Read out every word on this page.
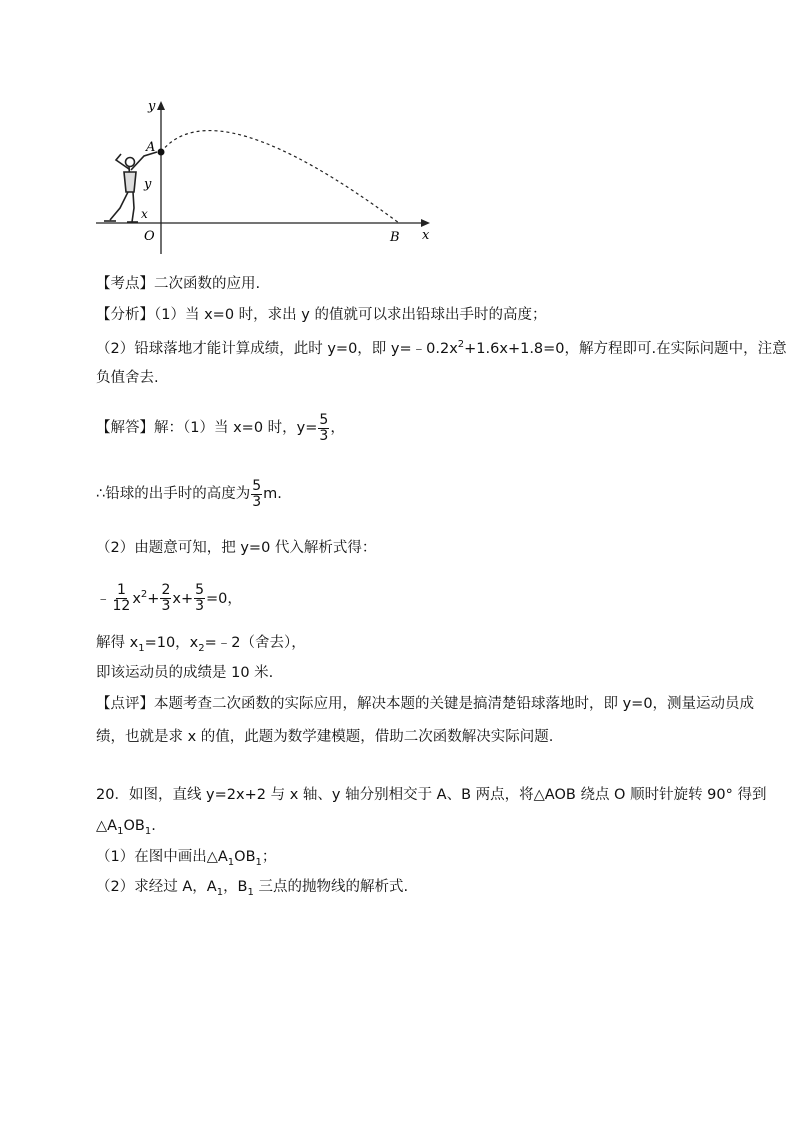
y
A
y
x
O	B x
【考点】二次函数的应用.
【分析】（1）当 x=0 时，求出 y 的值就可以求出铅球出手时的高度；
（2）铅球落地才能计算成绩，此时 y=0，即 $y=﹣0.2x^2+1.6x+1.8=0$，解方程即可.在实际问题中，注意
负值舍去.
【解答】解：（1）当 x=0 时，$y= \frac{5}{3}$ ，
∴铅球的出手时的高度为 $\frac{5}{3} m$.
（2）由题意可知，把 y=0 代入解析式得：
﹣ $\frac{1}{12} x^2+ \frac{2}{3} x+ \frac{5}{3} =0$，
解得 $x_1=10$，$x_2=﹣2$（舍去），
即该运动员的成绩是 10 米.
【点评】本题考查二次函数的实际应用，解决本题的关键是搞清楚铅球落地时，即 y=0，测量运动员成
绩，也就是求 x 的值，此题为数学建模题，借助二次函数解决实际问题.
20．如图，直线 y=2x+2 与 x 轴、y 轴分别相交于 A、B 两点，将△AOB 绕点 O 顺时针旋转 90° 得到
$\triangle A_1OB_1$.
（1）在图中画出$\triangle A_1OB_1$；
（2）求经过 A，$A_1$，$B_1$ 三点的抛物线的解析式.
